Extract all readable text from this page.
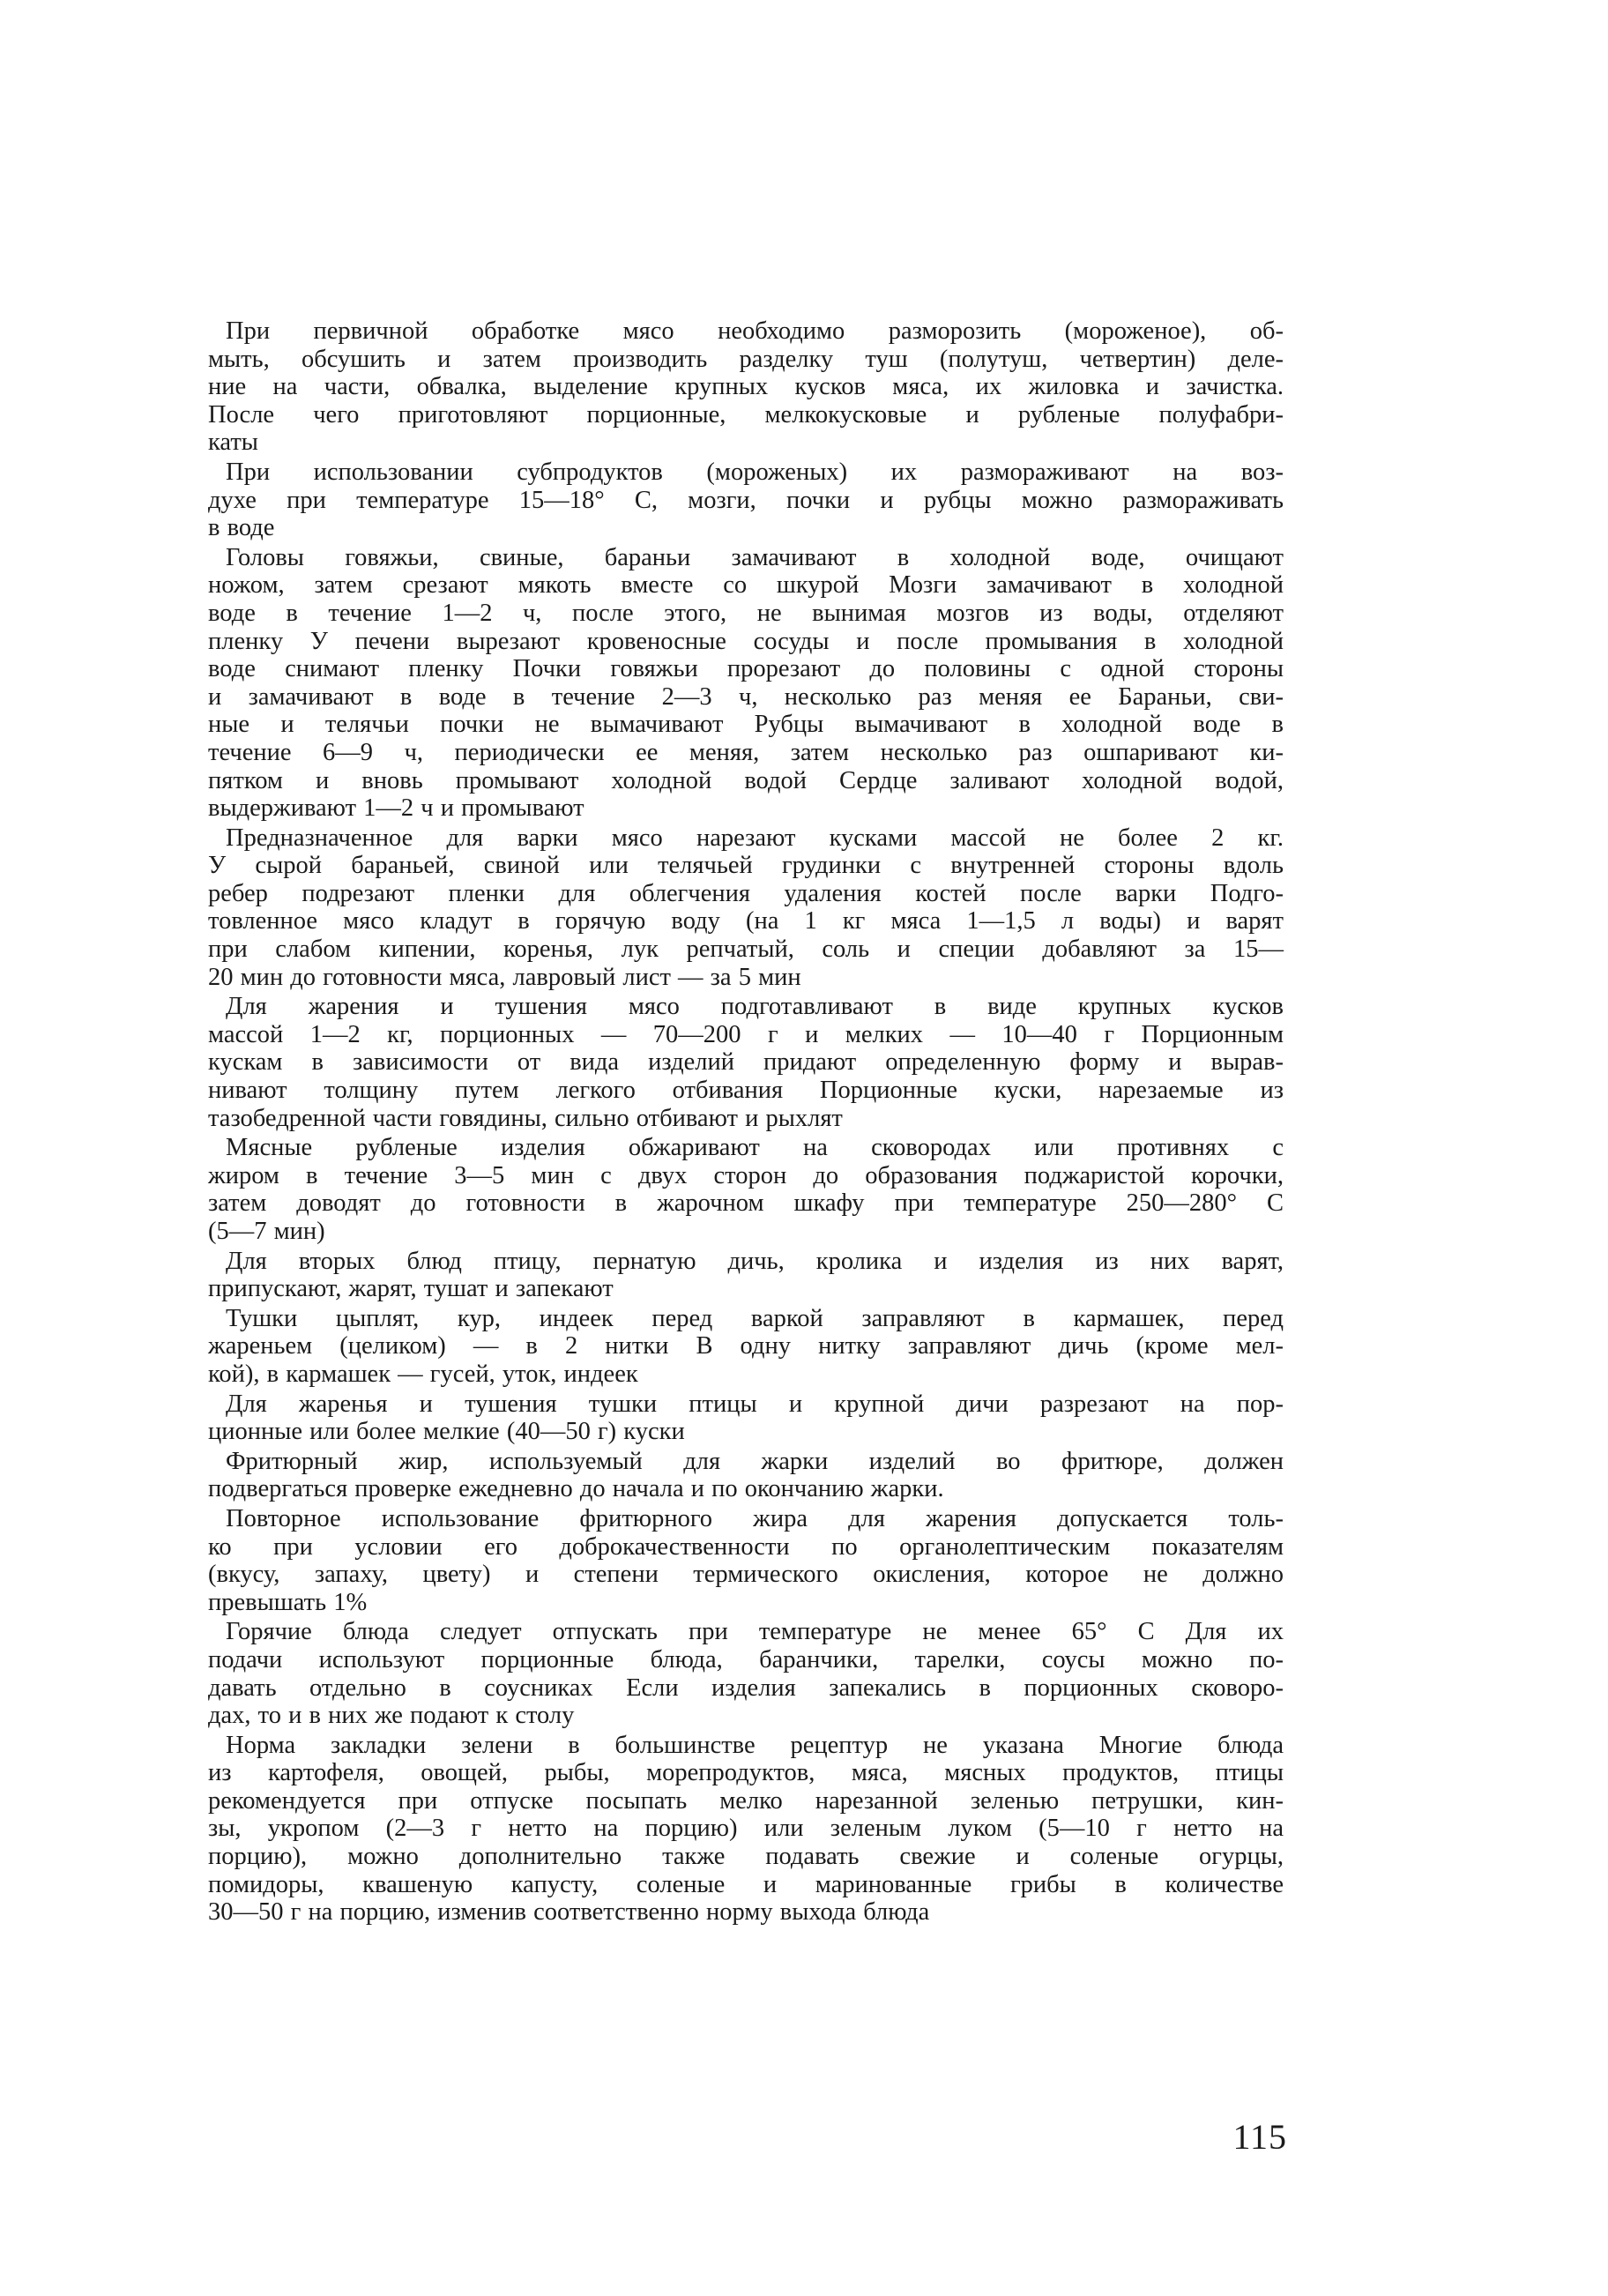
При первичной обработке мясо необходимо разморозить (мороженое), об-
мыть, обсушить и затем производить разделку туш (полутуш, четвертин) деле-
ние на части, обвалка, выделение крупных кусков мяса, их жиловка и зачистка.
После чего приготовляют порционные, мелкокусковые и рубленые полуфабри-
каты
При использовании субпродуктов (мороженых) их размораживают на воз-
духе при температуре 15—18° С, мозги, почки и рубцы можно размораживать
в воде
Головы говяжьи, свиные, бараньи замачивают в холодной воде, очищают
ножом, затем срезают мякоть вместе со шкурой Мозги замачивают в холодной
воде в течение 1—2 ч, после этого, не вынимая мозгов из воды, отделяют
пленку У печени вырезают кровеносные сосуды и после промывания в холодной
воде снимают пленку Почки говяжьи прорезают до половины с одной стороны
и замачивают в воде в течение 2—3 ч, несколько раз меняя ее Бараньи, сви-
ные и телячьи почки не вымачивают Рубцы вымачивают в холодной воде в
течение 6—9 ч, периодически ее меняя, затем несколько раз ошпаривают ки-
пятком и вновь промывают холодной водой Сердце заливают холодной водой,
выдерживают 1—2 ч и промывают
Предназначенное для варки мясо нарезают кусками массой не более 2 кг.
У сырой бараньей, свиной или телячьей грудинки с внутренней стороны вдоль
ребер подрезают пленки для облегчения удаления костей после варки Подго-
товленное мясо кладут в горячую воду (на 1 кг мяса 1—1,5 л воды) и варят
при слабом кипении, коренья, лук репчатый, соль и специи добавляют за 15—
20 мин до готовности мяса, лавровый лист — за 5 мин
Для жарения и тушения мясо подготавливают в виде крупных кусков
массой 1—2 кг, порционных — 70—200 г и мелких — 10—40 г Порционным
кускам в зависимости от вида изделий придают определенную форму и вырав-
нивают толщину путем легкого отбивания Порционные куски, нарезаемые из
тазобедренной части говядины, сильно отбивают и рыхлят
Мясные рубленые изделия обжаривают на сковородах или противнях с
жиром в течение 3—5 мин с двух сторон до образования поджаристой корочки,
затем доводят до готовности в жарочном шкафу при температуре 250—280° С
(5—7 мин)
Для вторых блюд птицу, пернатую дичь, кролика и изделия из них варят,
припускают, жарят, тушат и запекают
Тушки цыплят, кур, индеек перед варкой заправляют в кармашек, перед
жареньем (целиком) — в 2 нитки В одну нитку заправляют дичь (кроме мел-
кой), в кармашек — гусей, уток, индеек
Для жаренья и тушения тушки птицы и крупной дичи разрезают на пор-
ционные или более мелкие (40—50 г) куски
Фритюрный жир, используемый для жарки изделий во фритюре, должен
подвергаться проверке ежедневно до начала и по окончанию жарки.
Повторное использование фритюрного жира для жарения допускается толь-
ко при условии его доброкачественности по органолептическим показателям
(вкусу, запаху, цвету) и степени термического окисления, которое не должно
превышать 1%
Горячие блюда следует отпускать при температуре не менее 65° С Для их
подачи используют порционные блюда, баранчики, тарелки, соусы можно по-
давать отдельно в соусниках Если изделия запекались в порционных сковоро-
дах, то и в них же подают к столу
Норма закладки зелени в большинстве рецептур не указана Многие блюда
из картофеля, овощей, рыбы, морепродуктов, мяса, мясных продуктов, птицы
рекомендуется при отпуске посыпать мелко нарезанной зеленью петрушки, кин-
зы, укропом (2—3 г нетто на порцию) или зеленым луком (5—10 г нетто на
порцию), можно дополнительно также подавать свежие и соленые огурцы,
помидоры, квашеную капусту, соленые и маринованные грибы в количестве
30—50 г на порцию, изменив соответственно норму выхода блюда
115
